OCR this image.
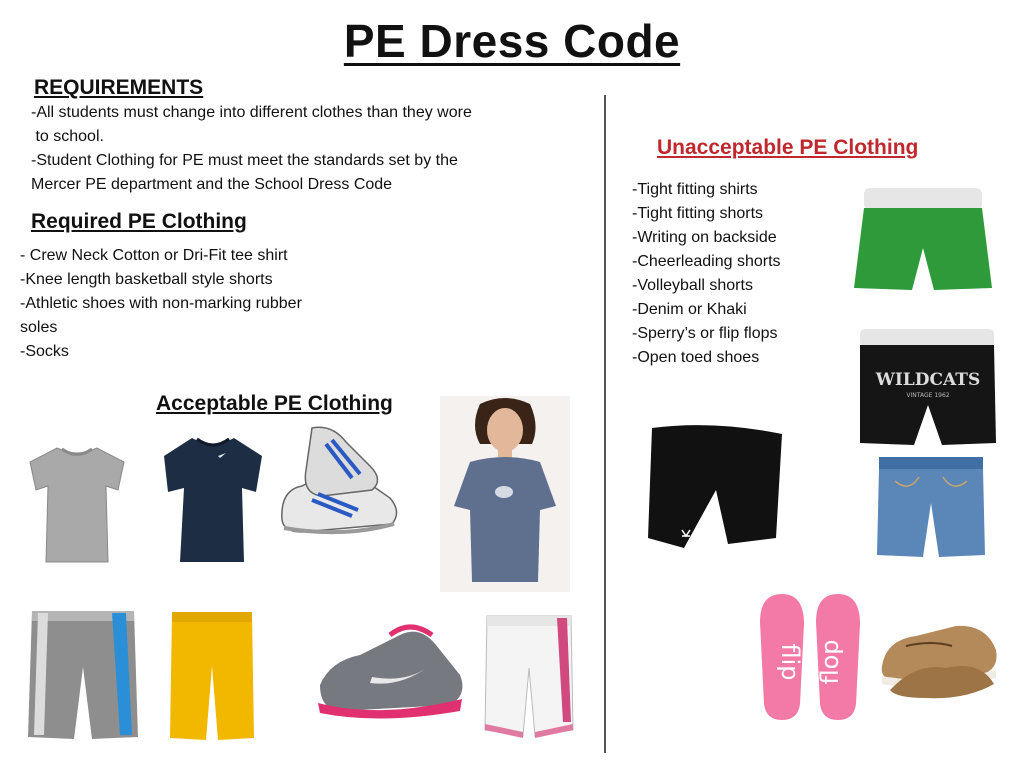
PE Dress Code
REQUIREMENTS
-All students must change into different clothes than they wore
to school.
-Student Clothing for PE must meet the standards set by the
Mercer PE department and the School Dress Code
Required PE Clothing
- Crew Neck Cotton or Dri-Fit tee shirt
-Knee length basketball style shorts
-Athletic shoes with non-marking rubber soles
-Socks
Acceptable PE Clothing
Unacceptable PE Clothing
-Tight fitting shirts
-Tight fitting shorts
-Writing on backside
-Cheerleading shorts
-Volleyball shorts
-Denim or Khaki
-Sperry’s or flip flops
-Open toed shoes
WILDCATS
VINTAGE 1962
flip flop
